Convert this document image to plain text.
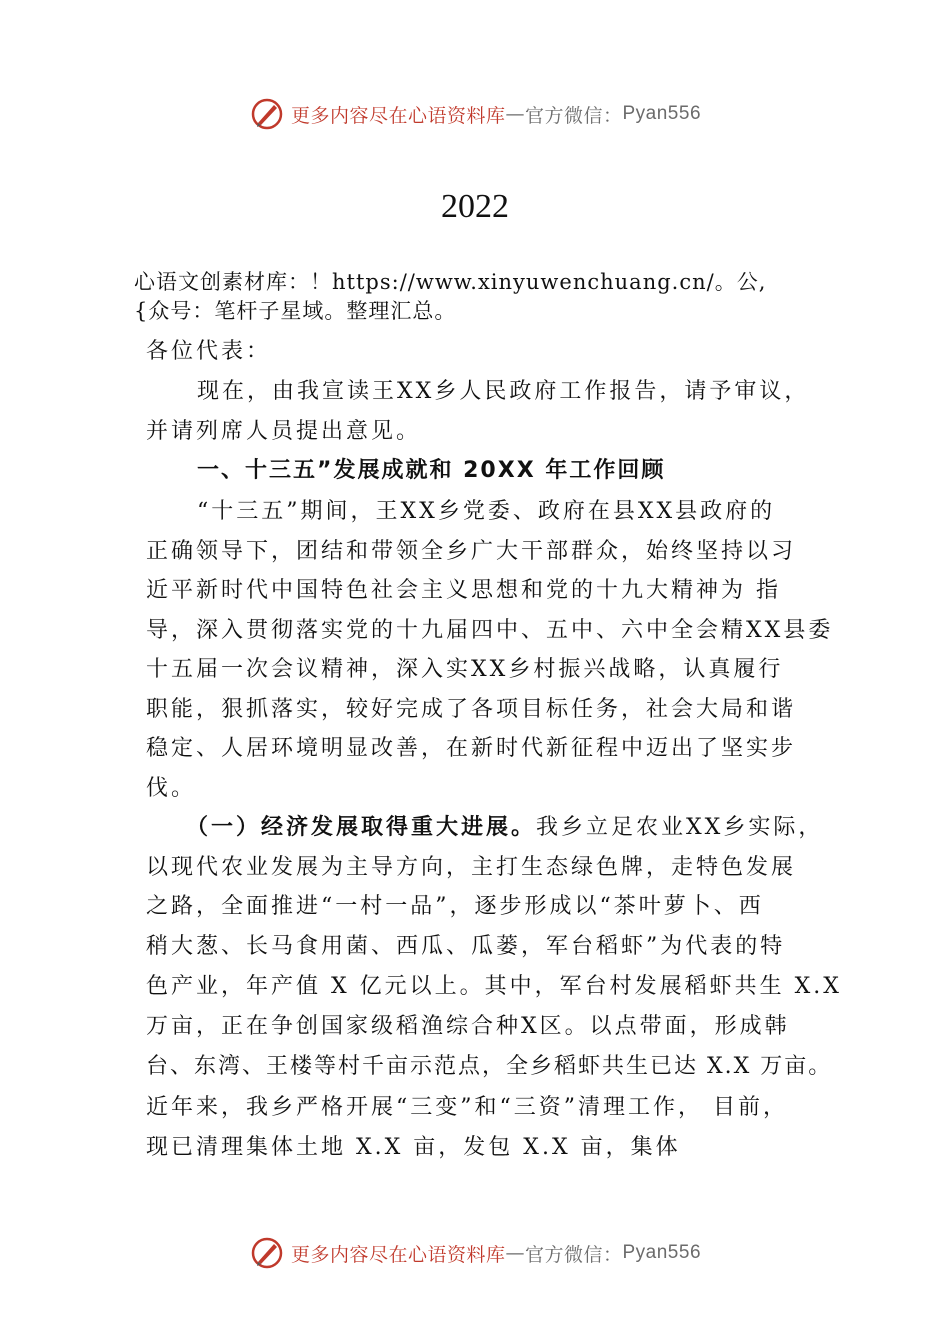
更多内容尽在心语资料库 — 官方微信： Pyan556
2022

心语文创素材库：！https://www.xinyuwenchuang.cn/。公,
{众号：笔杆子星域。整理汇总。

各位代表：

现在，由我宣读王XX乡人民政府工作报告，请予审议，

并请列席人员提出意见。

一、十三五”发展成就和 20XX 年工作回顾

“十三五”期间，王XX乡党委、政府在县XX县政府的

正确领导下，团结和带领全乡广大干部群众，始终坚持以习

近平新时代中国特色社会主义思想和党的十九大精神为 指

导，深入贯彻落实党的十九届四中、五中、六中全会精XX县委

十五届一次会议精神，深入实XX乡村振兴战略，认真履行

职能，狠抓落实，较好完成了各项目标任务，社会大局和谐

稳定、人居环境明显改善，在新时代新征程中迈出了坚实步

伐。

（一）经济发展取得重大进展。我乡立足农业XX乡实际，

以现代农业发展为主导方向，主打生态绿色牌，走特色发展

之路，全面推进“一村一品”，逐步形成以“茶叶萝卜、西

稍大葱、长马食用菌、西瓜、瓜蒌，军台稻虾”为代表的特

色产业，年产值 X 亿元以上。其中，军台村发展稻虾共生 X.X

万亩，正在争创国家级稻渔综合种X区。以点带面，形成韩

台、东湾、王楼等村千亩示范点，全乡稻虾共生已达 X.X 万亩。

近年来，我乡严格开展“三变”和“三资”清理工作， 目前，

现已清理集体土地 X.X 亩，发包 X.X 亩，集体

更多内容尽在心语资料库 — 官方微信： Pyan556
